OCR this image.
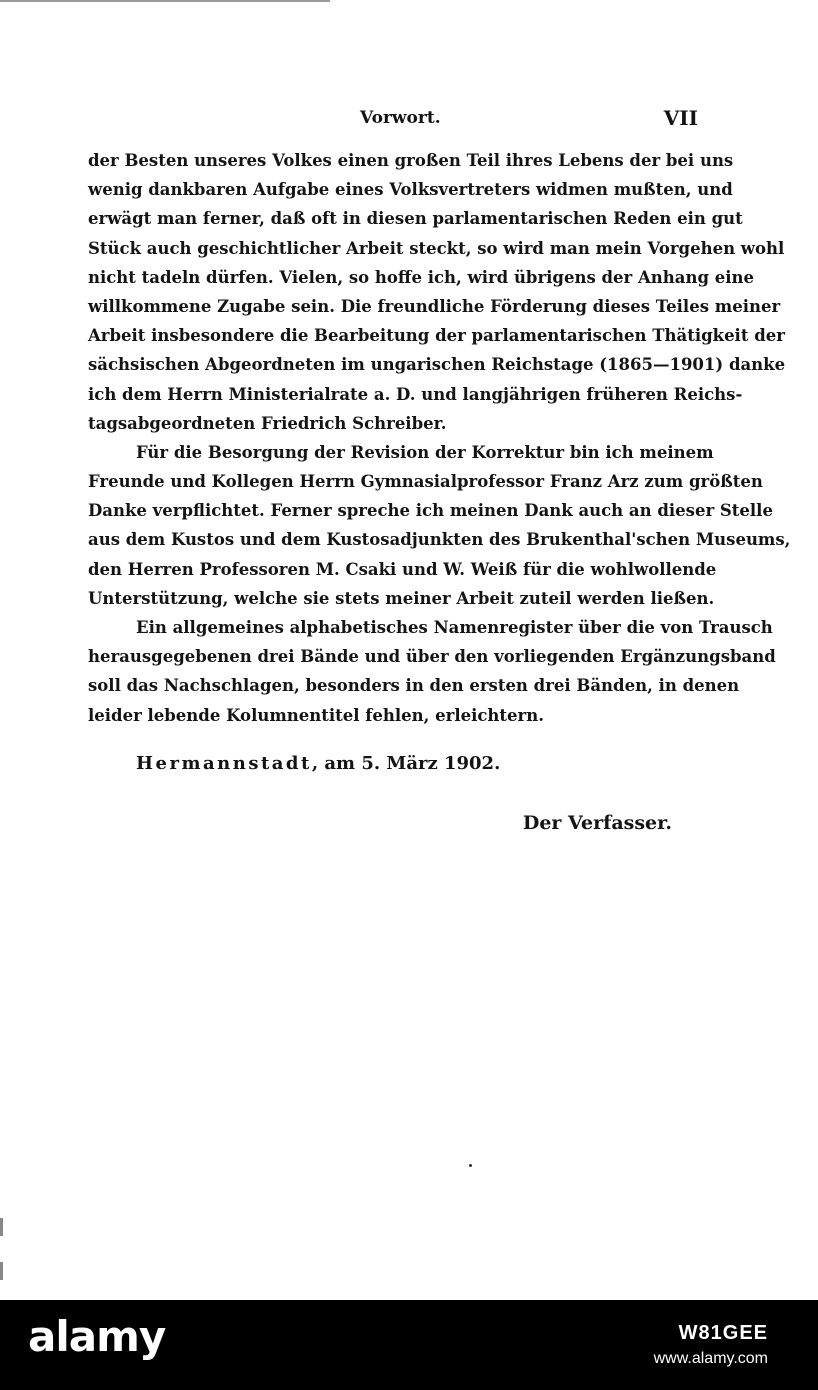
Vorwort.	VII
der Besten unseres Volkes einen großen Teil ihres Lebens der bei uns
wenig dankbaren Aufgabe eines Volksvertreters widmen mußten, und
erwägt man ferner, daß oft in diesen parlamentarischen Reden ein gut
Stück auch geschichtlicher Arbeit steckt, so wird man mein Vorgehen wohl
nicht tadeln dürfen. Vielen, so hoffe ich, wird übrigens der Anhang eine
willkommene Zugabe sein. Die freundliche Förderung dieses Teiles meiner
Arbeit insbesondere die Bearbeitung der parlamentarischen Thätigkeit der
sächsischen Abgeordneten im ungarischen Reichstage (1865—1901) danke
ich dem Herrn Ministerialrate a. D. und langjährigen früheren Reichs-
tagsabgeordneten Friedrich Schreiber.
Für die Besorgung der Revision der Korrektur bin ich meinem
Freunde und Kollegen Herrn Gymnasialprofessor Franz Arz zum größten
Danke verpflichtet. Ferner spreche ich meinen Dank auch an dieser Stelle
aus dem Kustos und dem Kustosadjunkten des Brukenthal'schen Museums,
den Herren Professoren M. Csaki und W. Weiß für die wohlwollende
Unterstützung, welche sie stets meiner Arbeit zuteil werden ließen.
Ein allgemeines alphabetisches Namenregister über die von Trausch
herausgegebenen drei Bände und über den vorliegenden Ergänzungsband
soll das Nachschlagen, besonders in den ersten drei Bänden, in denen
leider lebende Kolumnentitel fehlen, erleichtern.
Hermannstadt, am 5. März 1902.
Der Verfasser.
alamy	W81GEE
www.alamy.com
